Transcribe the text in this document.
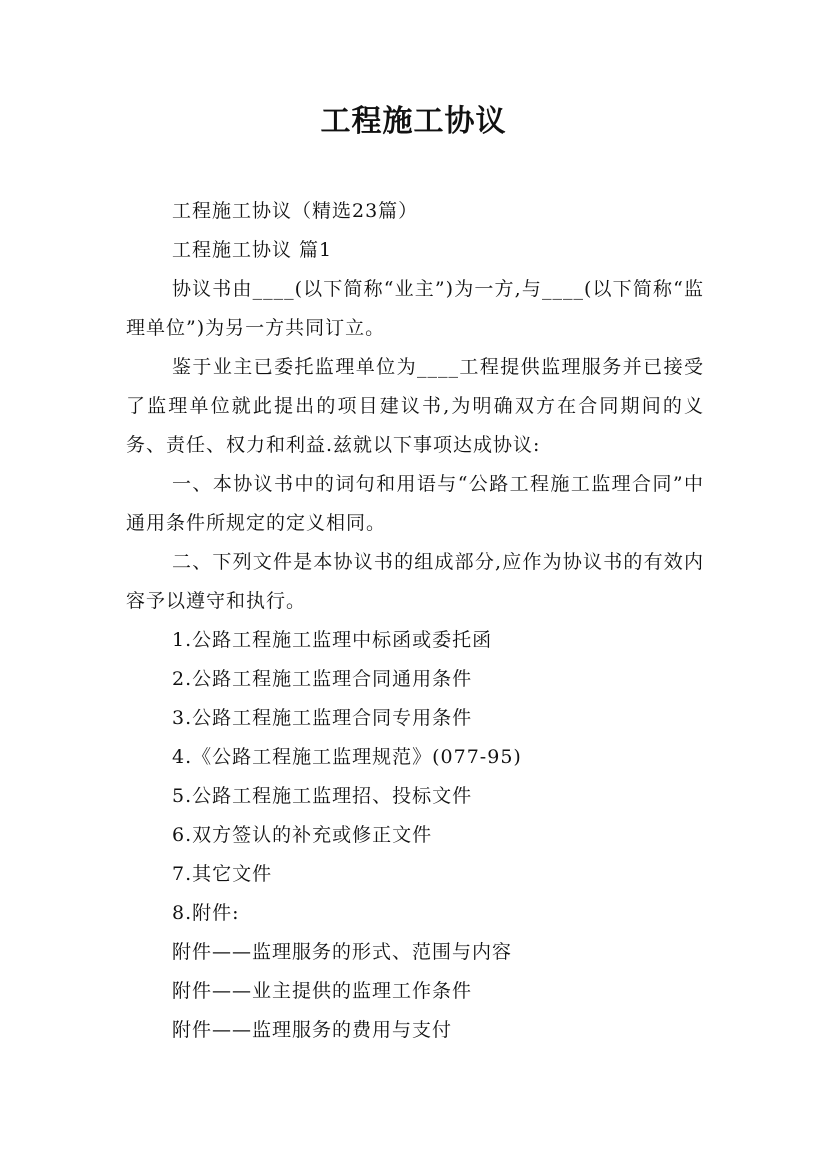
工程施工协议

工程施工协议（精选23篇）

工程施工协议 篇1

协议书由____(以下简称“业主”)为一方,与____(以下简称“监理单位”)为另一方共同订立。

鉴于业主已委托监理单位为____工程提供监理服务并已接受了监理单位就此提出的项目建议书,为明确双方在合同期间的义务、责任、权力和利益.兹就以下事项达成协议:

一、本协议书中的词句和用语与“公路工程施工监理合同”中通用条件所规定的定义相同。

二、下列文件是本协议书的组成部分,应作为协议书的有效内容予以遵守和执行。

1.公路工程施工监理中标函或委托函

2.公路工程施工监理合同通用条件

3.公路工程施工监理合同专用条件

4.《公路工程施工监理规范》(077-95)

5.公路工程施工监理招、投标文件

6.双方签认的补充或修正文件

7.其它文件

8.附件:

附件——监理服务的形式、范围与内容

附件——业主提供的监理工作条件

附件——监理服务的费用与支付
